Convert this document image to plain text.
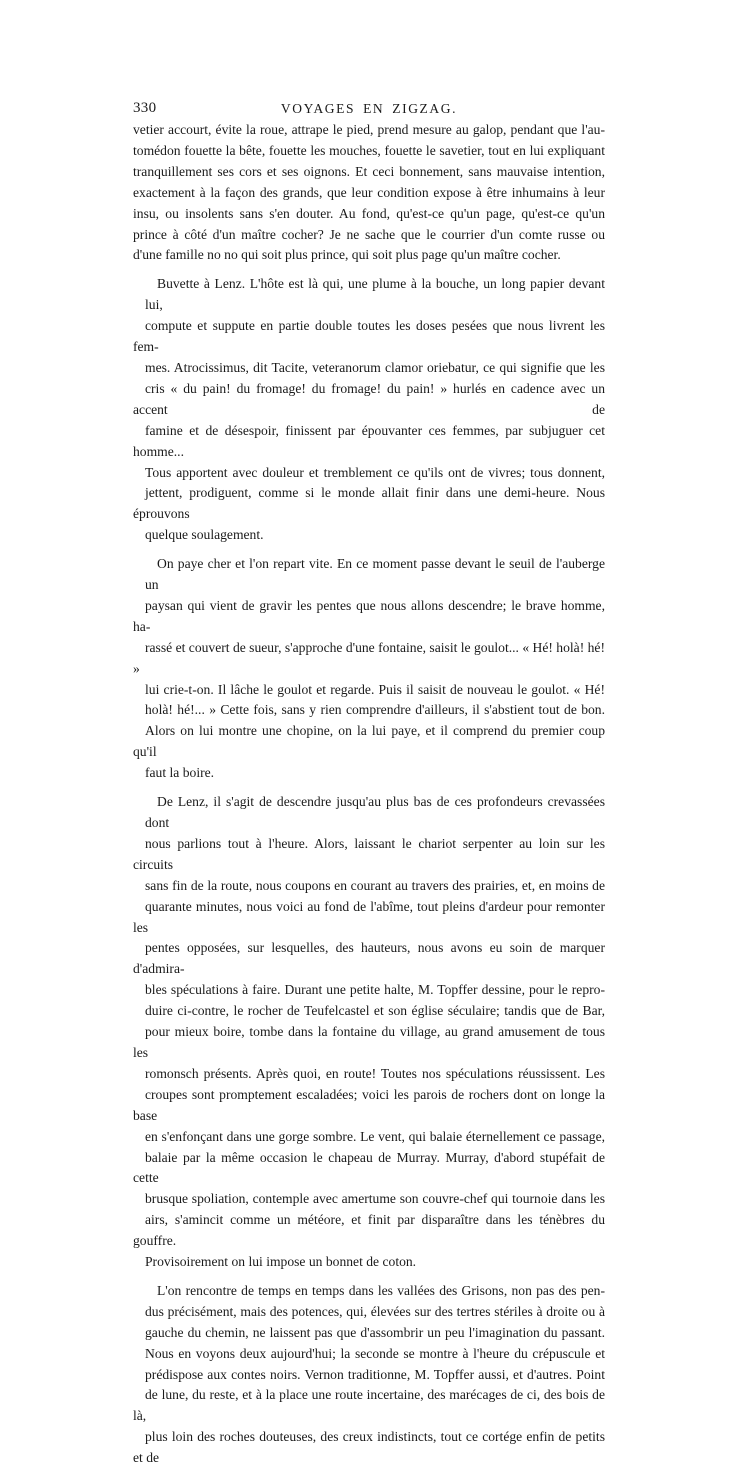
330	VOYAGES EN ZIGZAG.
vetier accourt, évite la roue, attrape le pied, prend mesure au galop, pendant que l'au-
tomédon fouette la bête, fouette les mouches, fouette le savetier, tout en lui expliquant
tranquillement ses cors et ses oignons. Et ceci bonnement, sans mauvaise intention,
exactement à la façon des grands, que leur condition expose à être inhumains à leur
insu, ou insolents sans s'en douter. Au fond, qu'est-ce qu'un page, qu'est-ce qu'un
prince à côté d'un maître cocher? Je ne sache que le courrier d'un comte russe ou
d'une famille no no qui soit plus prince, qui soit plus page qu'un maître cocher.
Buvette à Lenz. L'hôte est là qui, une plume à la bouche, un long papier devant lui,
compute et suppute en partie double toutes les doses pesées que nous livrent les fem-
mes. Atrocissimus, dit Tacite, veteranorum clamor oriebatur, ce qui signifie que les
cris « du pain! du fromage! du fromage! du pain! » hurlés en cadence avec un accent de
famine et de désespoir, finissent par épouvanter ces femmes, par subjuguer cet homme...
Tous apportent avec douleur et tremblement ce qu'ils ont de vivres; tous donnent,
jettent, prodiguent, comme si le monde allait finir dans une demi-heure. Nous éprouvons
quelque soulagement.
On paye cher et l'on repart vite. En ce moment passe devant le seuil de l'auberge un
paysan qui vient de gravir les pentes que nous allons descendre; le brave homme, ha-
rassé et couvert de sueur, s'approche d'une fontaine, saisit le goulot... « Hé! holà! hé! »
lui crie-t-on. Il lâche le goulot et regarde. Puis il saisit de nouveau le goulot. « Hé!
holà! hé!... » Cette fois, sans y rien comprendre d'ailleurs, il s'abstient tout de bon.
Alors on lui montre une chopine, on la lui paye, et il comprend du premier coup qu'il
faut la boire.
De Lenz, il s'agit de descendre jusqu'au plus bas de ces profondeurs crevassées dont
nous parlions tout à l'heure. Alors, laissant le chariot serpenter au loin sur les circuits
sans fin de la route, nous coupons en courant au travers des prairies, et, en moins de
quarante minutes, nous voici au fond de l'abîme, tout pleins d'ardeur pour remonter les
pentes opposées, sur lesquelles, des hauteurs, nous avons eu soin de marquer d'admira-
bles spéculations à faire. Durant une petite halte, M. Topffer dessine, pour le repro-
duire ci-contre, le rocher de Teufelcastel et son église séculaire; tandis que de Bar,
pour mieux boire, tombe dans la fontaine du village, au grand amusement de tous les
romonsch présents. Après quoi, en route! Toutes nos spéculations réussissent. Les
croupes sont promptement escaladées; voici les parois de rochers dont on longe la base
en s'enfonçant dans une gorge sombre. Le vent, qui balaie éternellement ce passage,
balaie par la même occasion le chapeau de Murray. Murray, d'abord stupéfait de cette
brusque spoliation, contemple avec amertume son couvre-chef qui tournoie dans les
airs, s'amincit comme un météore, et finit par disparaître dans les ténèbres du gouffre.
Provisoirement on lui impose un bonnet de coton.
L'on rencontre de temps en temps dans les vallées des Grisons, non pas des pen-
dus précisément, mais des potences, qui, élevées sur des tertres stériles à droite ou à
gauche du chemin, ne laissent pas que d'assombrir un peu l'imagination du passant.
Nous en voyons deux aujourd'hui; la seconde se montre à l'heure du crépuscule et
prédispose aux contes noirs. Vernon traditionne, M. Topffer aussi, et d'autres. Point
de lune, du reste, et à la place une route incertaine, des marécages de ci, des bois de là,
plus loin des roches douteuses, des creux indistincts, tout ce cortége enfin de petits et de
